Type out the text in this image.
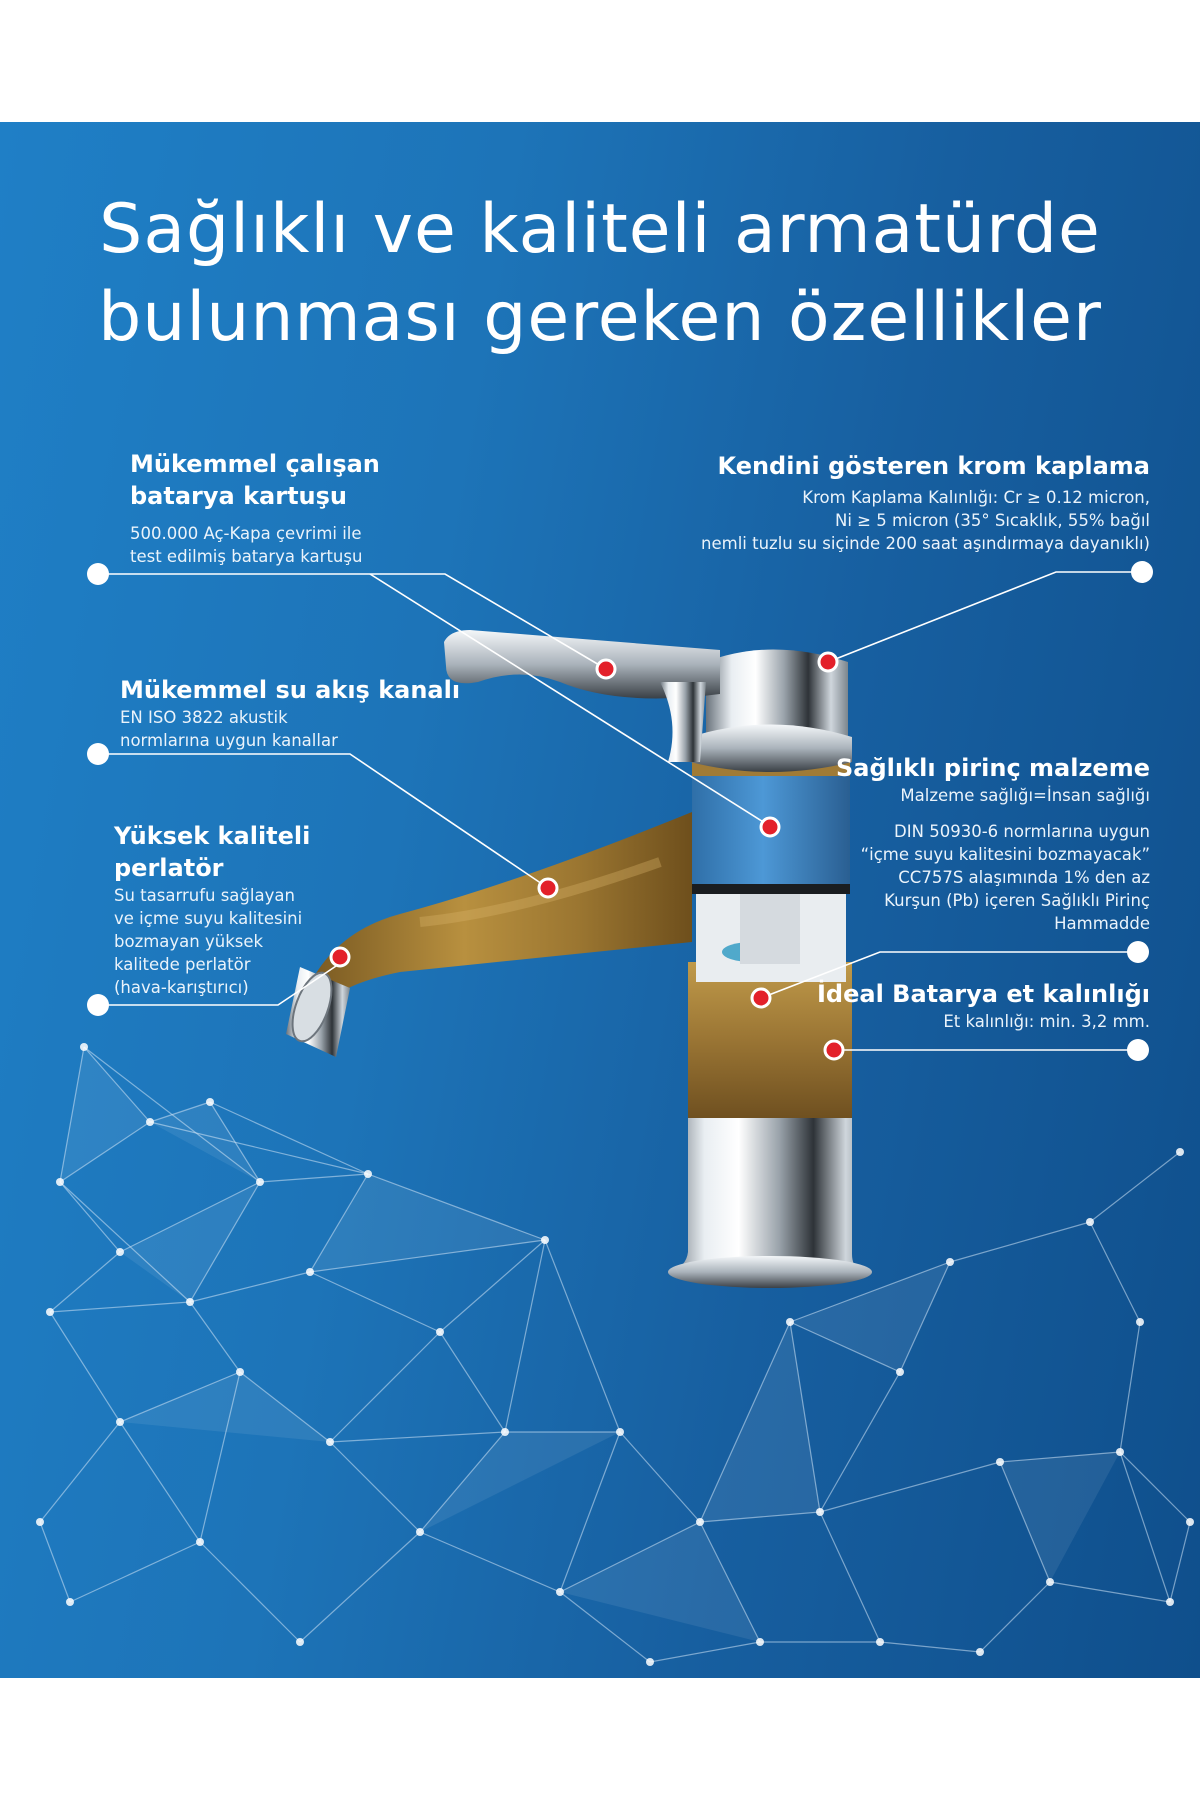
Sağlıklı ve kaliteli armatürde
bulunması gereken özellikler
Mükemmel çalışan
batarya kartuşu
500.000 Aç-Kapa çevrimi ile
test edilmiş batarya kartuşu
Kendini gösteren krom kaplama
Krom Kaplama Kalınlığı: Cr ≥ 0.12 micron,
Ni ≥ 5 micron (35° Sıcaklık, 55% bağıl
nemli tuzlu su siçinde 200 saat aşındırmaya dayanıklı)
Mükemmel su akış kanalı
EN ISO 3822 akustik
normlarına uygun kanallar
Sağlıklı pirinç malzeme
Malzeme sağlığı=İnsan sağlığı
DIN 50930-6 normlarına uygun
“içme suyu kalitesini bozmayacak”
CC757S alaşımında 1% den az
Kurşun (Pb) içeren Sağlıklı Pirinç
Hammadde
Yüksek kaliteli
perlatör
Su tasarrufu sağlayan
ve içme suyu kalitesini
bozmayan yüksek
kalitede perlatör
(hava-karıştırıcı)	İdeal Batarya et kalınlığı
Et kalınlığı: min. 3,2 mm.
